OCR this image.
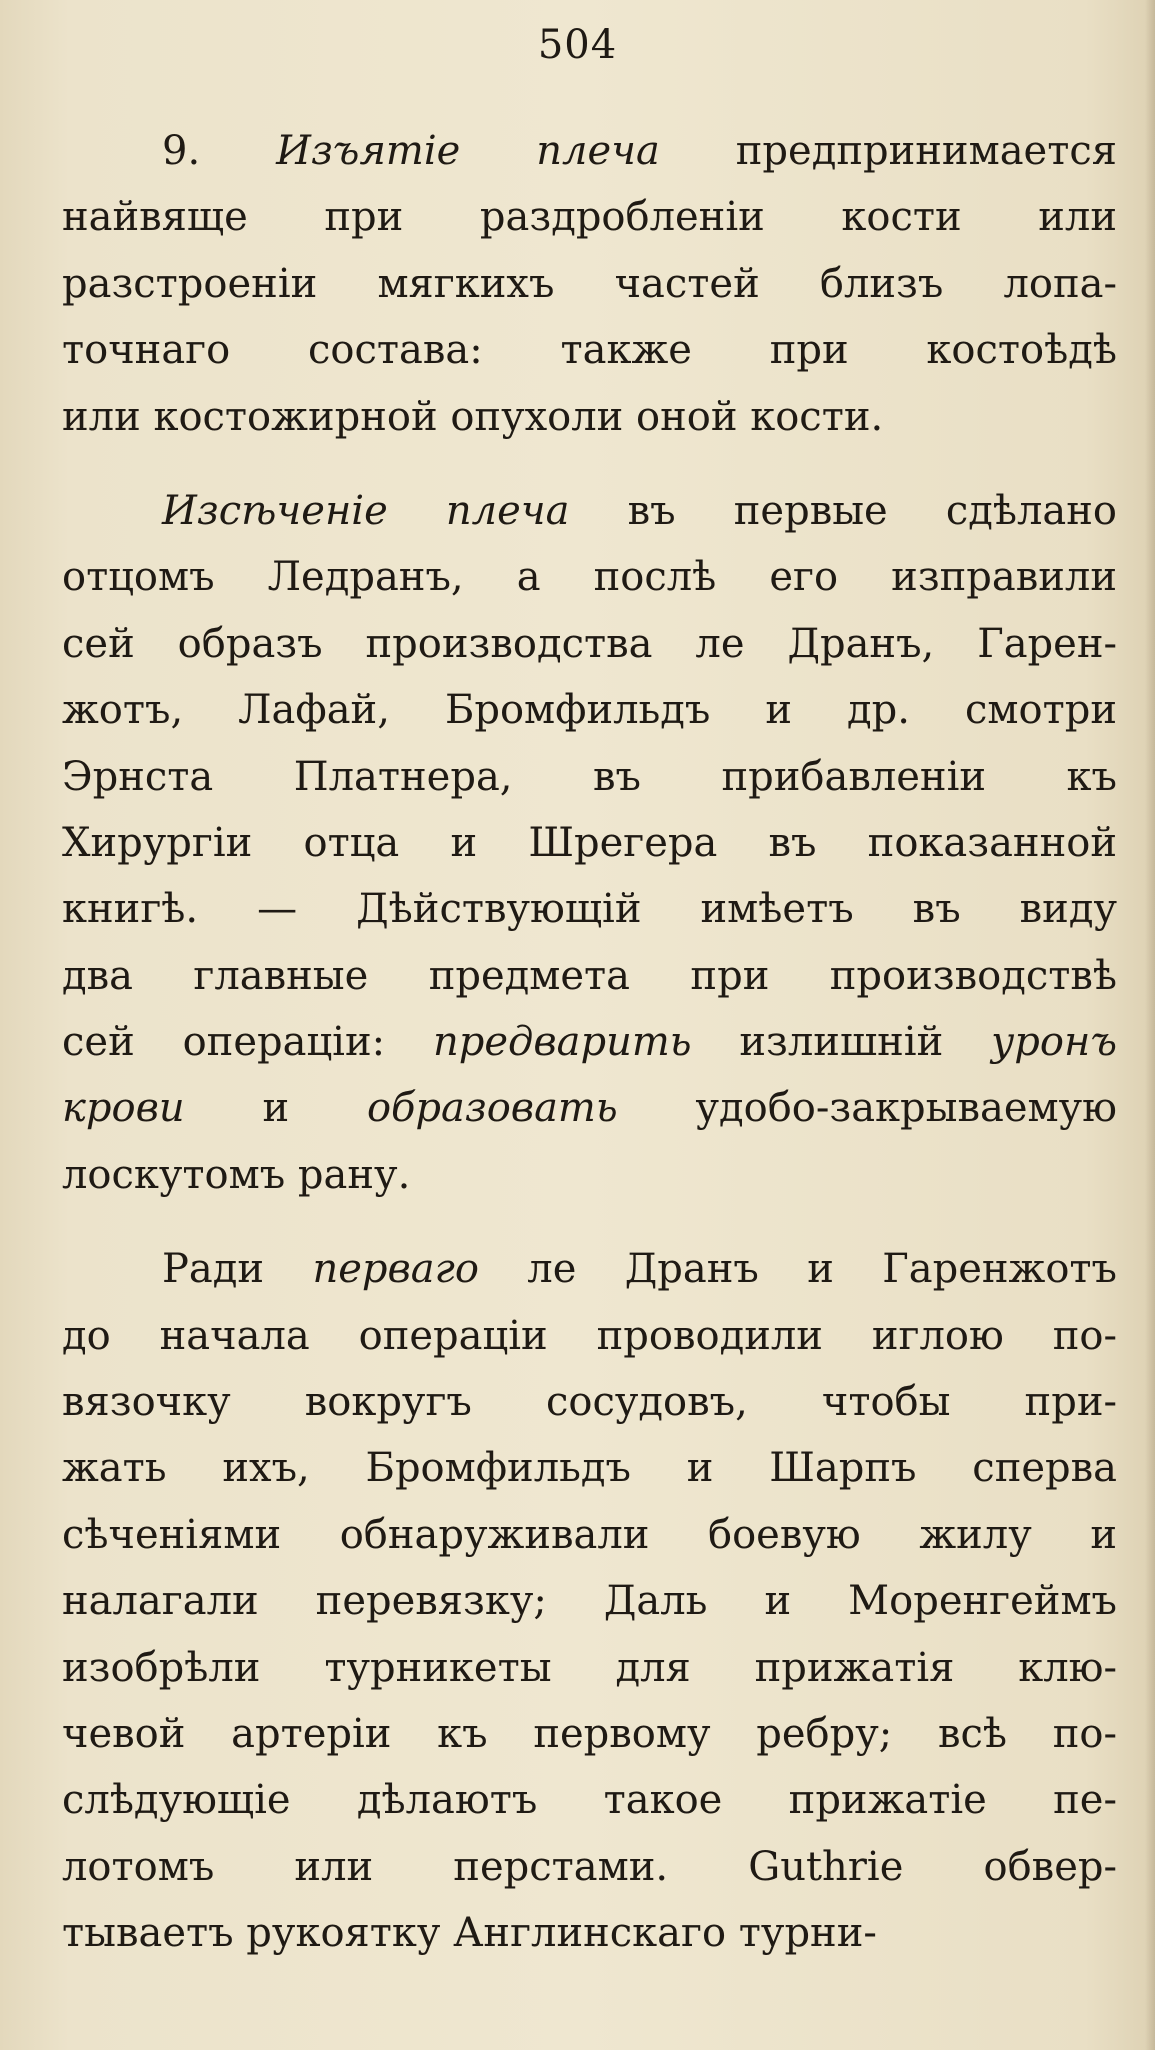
504
9. Изъятіе плеча предпринимается
найвяще при раздробленіи кости или
разстроеніи мягкихъ частей близъ лопа-
точнаго состава: также при костоѣдѣ
или костожирной опухоли оной кости.
Изсѣченіе плеча въ первые сдѣлано
отцомъ Ледранъ, а послѣ его изправили
сей образъ производства ле Дранъ, Гарен-
жотъ, Лафай, Бромфильдъ и др. смотри
Эрнста Платнера, въ прибавленіи къ
Хирургіи отца и Шрегера въ показанной
книгѣ. — Дѣйствующій имѣетъ въ виду
два главные предмета при производствѣ
сей операціи: предварить излишній уронъ
крови и образовать удобо-закрываемую
лоскутомъ рану.
Ради перваго ле Дранъ и Гаренжотъ
до начала операціи проводили иглою по-
вязочку вокругъ сосудовъ, чтобы при-
жать ихъ, Бромфильдъ и Шарпъ сперва
сѣченіями обнаруживали боевую жилу и
налагали перевязку; Даль и Моренгеймъ
изобрѣли турникеты для прижатія клю-
чевой артеріи къ первому ребру; всѣ по-
слѣдующіе дѣлаютъ такое прижатіе пе-
лотомъ или перстами. Guthrie обвер-
тываетъ рукоятку Англинскаго турни-
